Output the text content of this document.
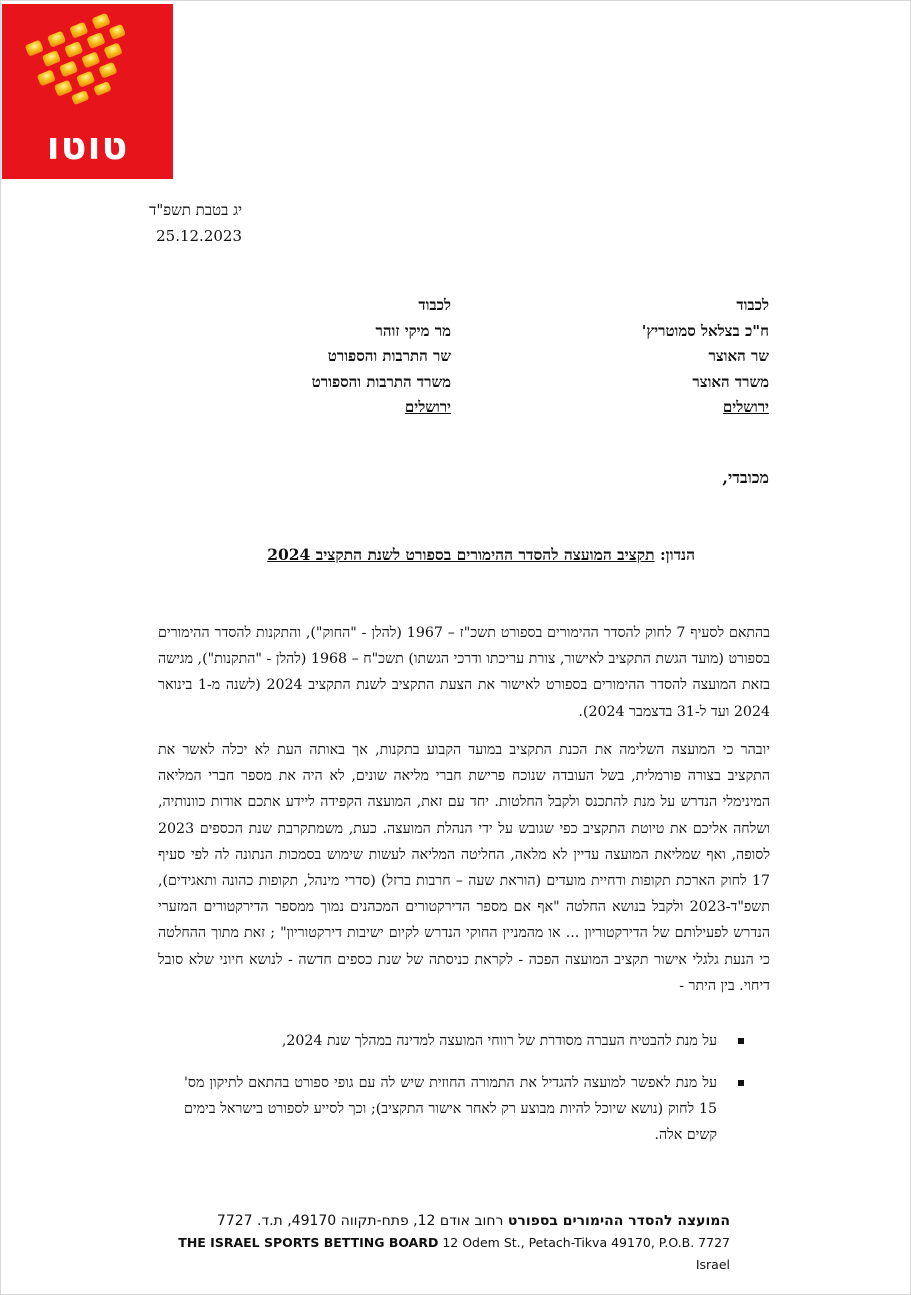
טוטו
יג בטבת תשפ"ד
25.12.2023
לכבוד
ח"כ בצלאל סמוטריץ'
שר האוצר
משרד האוצר
ירושלים
לכבוד
מר מיקי זוהר
שר התרבות והספורט
משרד התרבות והספורט
ירושלים
מכובדי,
הנדון: תקציב המועצה להסדר ההימורים בספורט לשנת התקציב 2024
בהתאם לסעיף 7 לחוק להסדר ההימורים בספורט תשכ"ז – 1967 (להלן - "החוק"), והתקנות להסדר ההימורים בספורט (מועד הגשת התקציב לאישור, צורת עריכתו ודרכי הגשתו) תשכ"ח – 1968 (להלן - "התקנות"), מגישה בזאת המועצה להסדר ההימורים בספורט לאישור את הצעת התקציב לשנת התקציב 2024 (לשנה מ-1 בינואר 2024 ועד ל-31 בדצמבר 2024).
יובהר כי המועצה השלימה את הכנת התקציב במועד הקבוע בתקנות, אך באותה העת לא יכלה לאשר את התקציב בצורה פורמלית, בשל העובדה שנוכח פרישת חברי מליאה שונים, לא היה את מספר חברי המליאה המינימלי הנדרש על מנת להתכנס ולקבל החלטות. יחד עם זאת, המועצה הקפידה ליידע אתכם אודות כוונותיה, ושלחה אליכם את טיוטת התקציב כפי שגובש על ידי הנהלת המועצה. כעת, משמתקרבת שנת הכספים 2023 לסופה, ואף שמליאת המועצה עדיין לא מלאה, החליטה המליאה לעשות שימוש בסמכות הנתונה לה לפי סעיף 17 לחוק הארכת תקופות ודחיית מועדים (הוראת שעה – חרבות ברזל) (סדרי מינהל, תקופות כהונה ותאגידים), תשפ"ד-2023 ולקבל בנושא החלטה "אף אם מספר הדירקטורים המכהנים נמוך ממספר הדירקטורים המזערי הנדרש לפעילותם של הדירקטוריון ... או מהמניין החוקי הנדרש לקיום ישיבות דירקטוריון" ; זאת מתוך ההחלטה כי הנעת גלגלי אישור תקציב המועצה הפכה - לקראת כניסתה של שנת כספים חדשה - לנושא חיוני שלא סובל דיחוי. בין היתר -
על מנת להבטיח העברה מסודרת של רווחי המועצה למדינה במהלך שנת 2024,
על מנת לאפשר למועצה להגדיל את התמורה החוזית שיש לה עם גופי ספורט בהתאם לתיקון מס' 15 לחוק (נושא שיוכל להיות מבוצע רק לאחר אישור התקציב); וכך לסייע לספורט בישראל בימים קשים אלה.
המועצה להסדר ההימורים בספורט רחוב אודם 12, פתח-תקווה 49170, ת.ד. 7727
THE ISRAEL SPORTS BETTING BOARD 12 Odem St., Petach-Tikva 49170, P.O.B. 7727 Israel
